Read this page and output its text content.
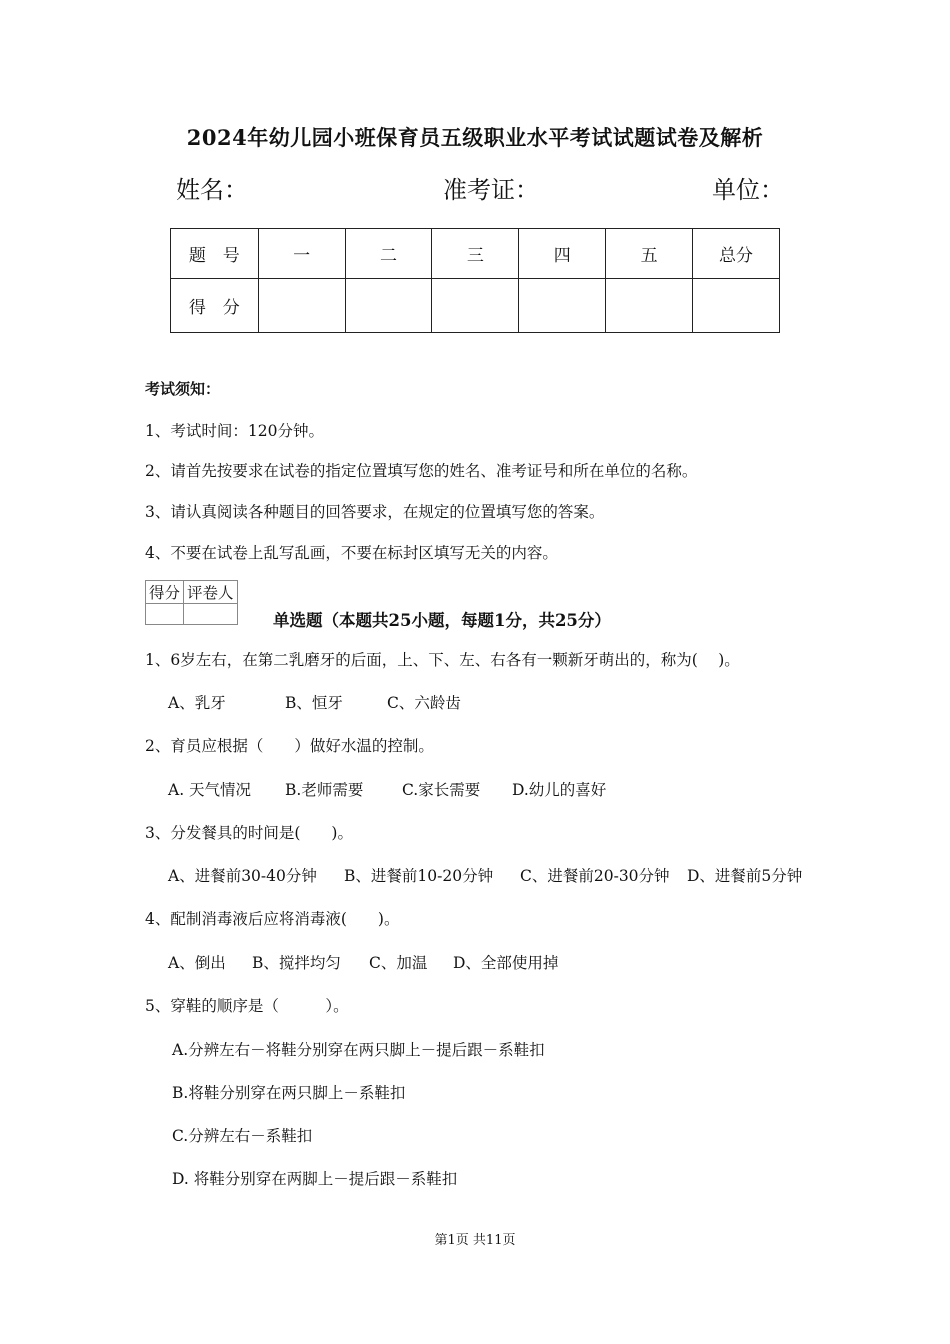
2024年幼儿园小班保育员五级职业水平考试试题试卷及解析
姓名：	准考证：	单位：
题　号	一	二	三	四	五	总分
得　分						
考试须知：
1、考试时间：120分钟。
2、请首先按要求在试卷的指定位置填写您的姓名、准考证号和所在单位的名称。
3、请认真阅读各种题目的回答要求，在规定的位置填写您的答案。
4、不要在试卷上乱写乱画，不要在标封区填写无关的内容。
得分	评卷人

单选题（本题共25小题，每题1分，共25分）
1、6岁左右，在第二乳磨牙的后面，上、下、左、右各有一颗新牙萌出的，称为(　 )。
A、乳牙	B、恒牙	C、六龄齿
2、育员应根据（　　）做好水温的控制。
A. 天气情况 B.老师需要 C.家长需要 D.幼儿的喜好
3、分发餐具的时间是(　　)。
A、进餐前30-40分钟 B、进餐前10-20分钟 C、进餐前20-30分钟 D、进餐前5分钟
4、配制消毒液后应将消毒液(　　)。
A、倒出 B、搅拌均匀 C、加温 D、全部使用掉
5、穿鞋的顺序是（　　　）。
A.分辨左右－将鞋分别穿在两只脚上－提后跟－系鞋扣
B.将鞋分别穿在两只脚上－系鞋扣
C.分辨左右－系鞋扣
D. 将鞋分别穿在两脚上－提后跟－系鞋扣
第1页 共11页
